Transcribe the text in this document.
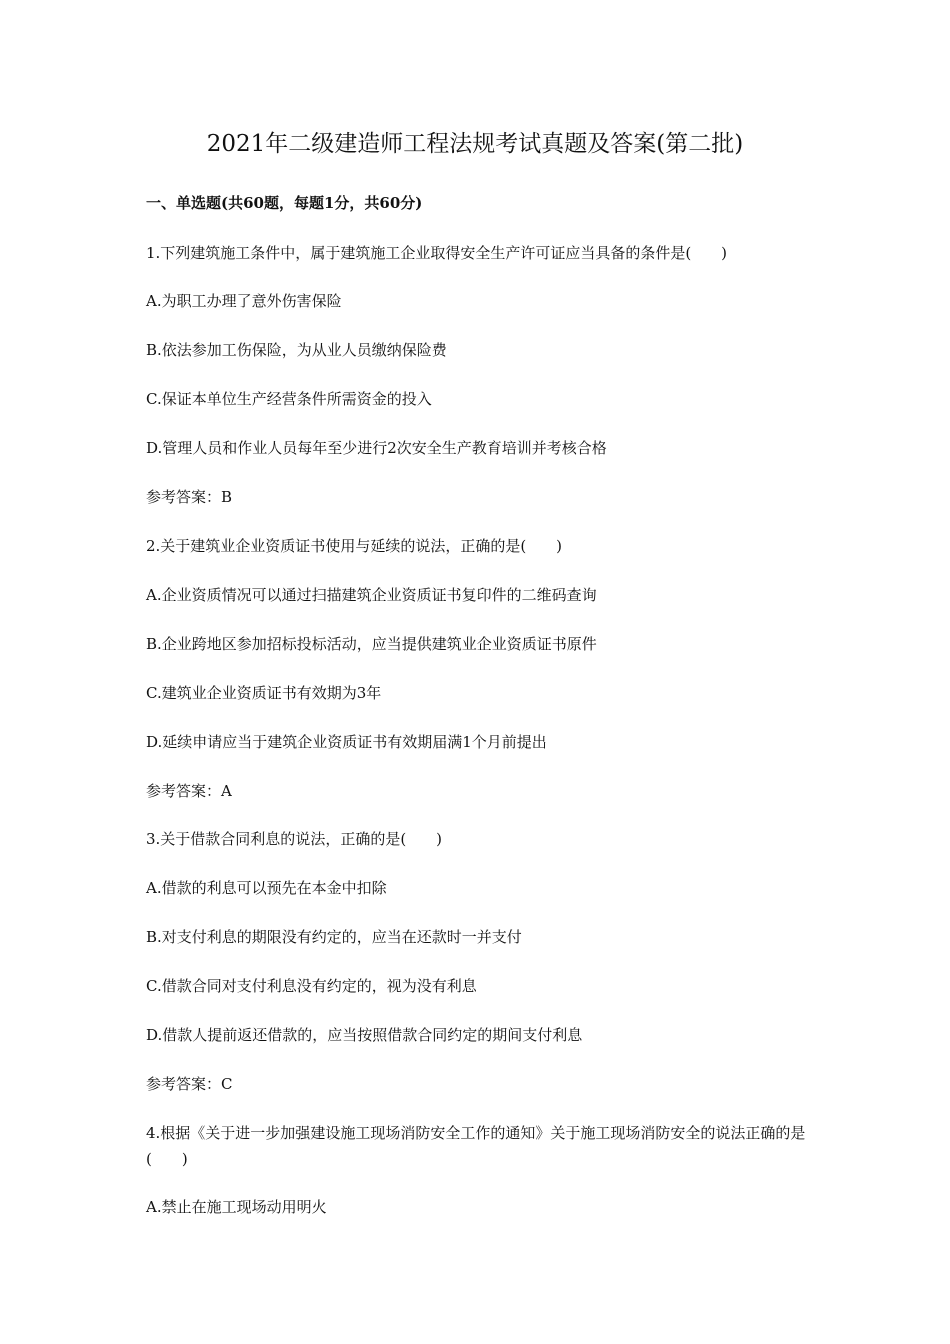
2021年二级建造师工程法规考试真题及答案(第二批)
一、单选题(共60题，每题1分，共60分)
1.下列建筑施工条件中，属于建筑施工企业取得安全生产许可证应当具备的条件是(　　)
A.为职工办理了意外伤害保险
B.依法参加工伤保险，为从业人员缴纳保险费
C.保证本单位生产经营条件所需资金的投入
D.管理人员和作业人员每年至少进行2次安全生产教育培训并考核合格
参考答案：B
2.关于建筑业企业资质证书使用与延续的说法，正确的是(　　)
A.企业资质情况可以通过扫描建筑企业资质证书复印件的二维码查询
B.企业跨地区参加招标投标活动，应当提供建筑业企业资质证书原件
C.建筑业企业资质证书有效期为3年
D.延续申请应当于建筑企业资质证书有效期届满1个月前提出
参考答案：A
3.关于借款合同利息的说法，正确的是(　　)
A.借款的利息可以预先在本金中扣除
B.对支付利息的期限没有约定的，应当在还款时一并支付
C.借款合同对支付利息没有约定的，视为没有利息
D.借款人提前返还借款的，应当按照借款合同约定的期间支付利息
参考答案：C
4.根据《关于进一步加强建设施工现场消防安全工作的通知》关于施工现场消防安全的说法正确的是(　　)
A.禁止在施工现场动用明火
